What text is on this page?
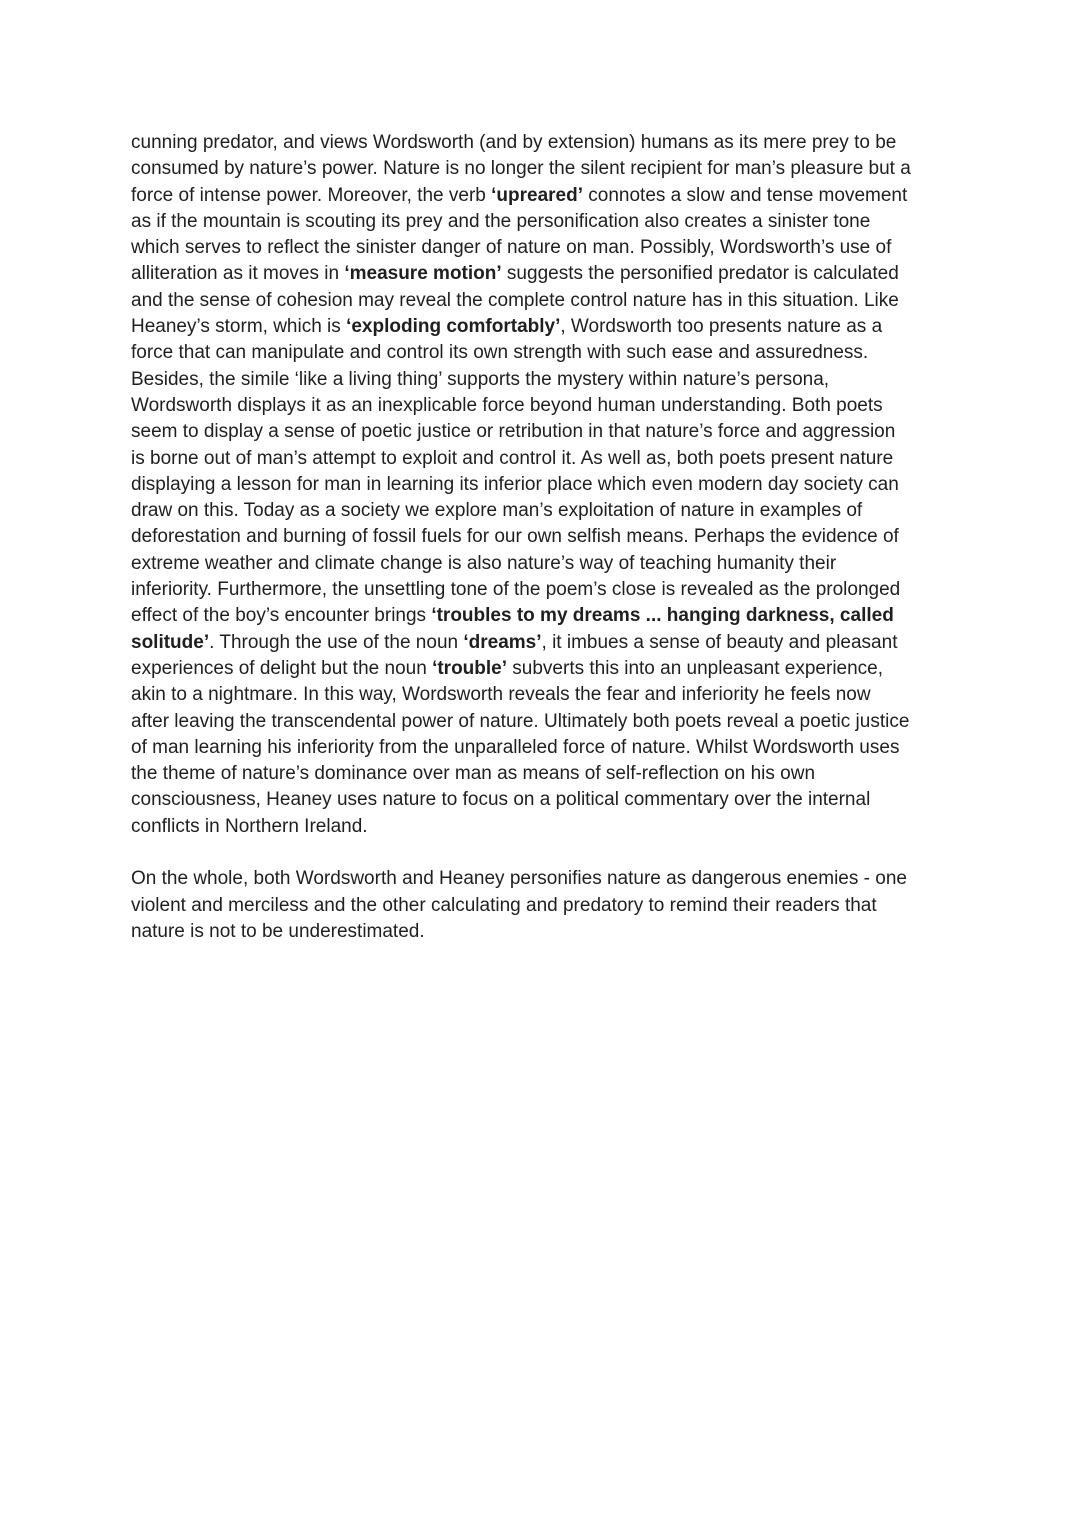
cunning predator, and views Wordsworth (and by extension) humans as its mere prey to be
consumed by nature’s power. Nature is no longer the silent recipient for man’s pleasure but a
force of intense power. Moreover, the verb ‘upreared’ connotes a slow and tense movement
as if the mountain is scouting its prey and the personification also creates a sinister tone
which serves to reflect the sinister danger of nature on man. Possibly, Wordsworth’s use of
alliteration as it moves in ‘measure motion’ suggests the personified predator is calculated
and the sense of cohesion may reveal the complete control nature has in this situation. Like
Heaney’s storm, which is ‘exploding comfortably’, Wordsworth too presents nature as a
force that can manipulate and control its own strength with such ease and assuredness.
Besides, the simile ‘like a living thing’ supports the mystery within nature’s persona,
Wordsworth displays it as an inexplicable force beyond human understanding. Both poets
seem to display a sense of poetic justice or retribution in that nature’s force and aggression
is borne out of man’s attempt to exploit and control it. As well as, both poets present nature
displaying a lesson for man in learning its inferior place which even modern day society can
draw on this. Today as a society we explore man’s exploitation of nature in examples of
deforestation and burning of fossil fuels for our own selfish means. Perhaps the evidence of
extreme weather and climate change is also nature’s way of teaching humanity their
inferiority. Furthermore, the unsettling tone of the poem’s close is revealed as the prolonged
effect of the boy’s encounter brings ‘troubles to my dreams ... hanging darkness, called
solitude’. Through the use of the noun ‘dreams’, it imbues a sense of beauty and pleasant
experiences of delight but the noun ‘trouble’ subverts this into an unpleasant experience,
akin to a nightmare. In this way, Wordsworth reveals the fear and inferiority he feels now
after leaving the transcendental power of nature. Ultimately both poets reveal a poetic justice
of man learning his inferiority from the unparalleled force of nature. Whilst Wordsworth uses
the theme of nature’s dominance over man as means of self-reflection on his own
consciousness, Heaney uses nature to focus on a political commentary over the internal
conflicts in Northern Ireland.
On the whole, both Wordsworth and Heaney personifies nature as dangerous enemies - one
violent and merciless and the other calculating and predatory to remind their readers that
nature is not to be underestimated.
